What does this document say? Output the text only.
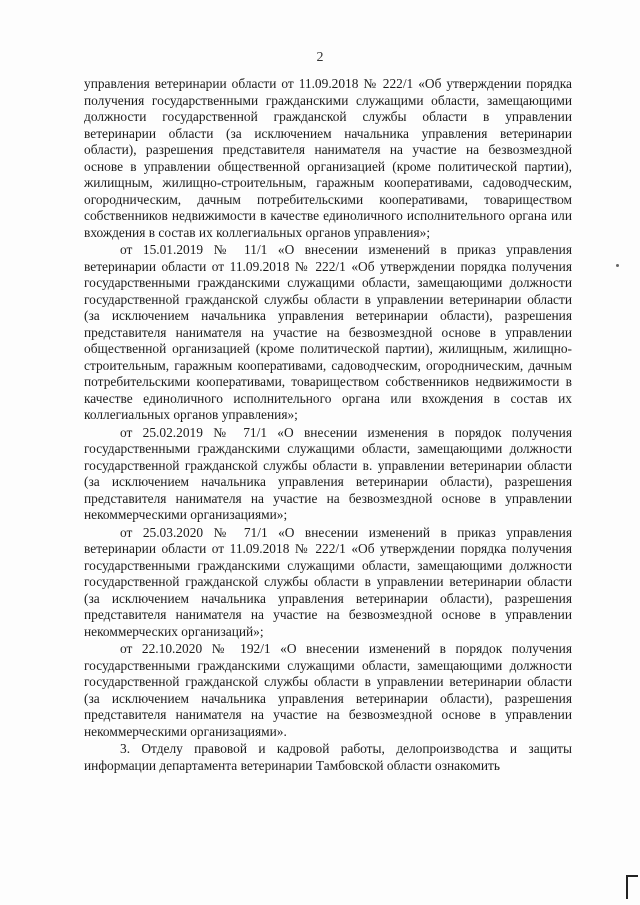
2

управления ветеринарии области от 11.09.2018 № 222/1 «Об утверждении порядка получения государственными гражданскими служащими области, замещающими должности государственной гражданской службы области в управлении ветеринарии области (за исключением начальника управления ветеринарии области), разрешения представителя нанимателя на участие на безвозмездной основе в управлении общественной организацией (кроме политической партии), жилищным, жилищно-строительным, гаражным кооперативами, садоводческим, огородническим, дачным потребительскими кооперативами, товариществом собственников недвижимости в качестве единоличного исполнительного органа или вхождения в состав их коллегиальных органов управления»;

от 15.01.2019 № 11/1 «О внесении изменений в приказ управления ветеринарии области от 11.09.2018 № 222/1 «Об утверждении порядка получения государственными гражданскими служащими области, замещающими должности государственной гражданской службы области в управлении ветеринарии области (за исключением начальника управления ветеринарии области), разрешения представителя нанимателя на участие на безвозмездной основе в управлении общественной организацией (кроме политической партии), жилищным, жилищно-строительным, гаражным кооперативами, садоводческим, огородническим, дачным потребительскими кооперативами, товариществом собственников недвижимости в качестве единоличного исполнительного органа или вхождения в состав их коллегиальных органов управления»;

от 25.02.2019 № 71/1 «О внесении изменения в порядок получения государственными гражданскими служащими области, замещающими должности государственной гражданской службы области в. управлении ветеринарии области (за исключением начальника управления ветеринарии области), разрешения представителя нанимателя на участие на безвозмездной основе в управлении некоммерческими организациями»;

от 25.03.2020 № 71/1 «О внесении изменений в приказ управления ветеринарии области от 11.09.2018 № 222/1 «Об утверждении порядка получения государственными гражданскими служащими области, замещающими должности государственной гражданской службы области в управлении ветеринарии области (за исключением начальника управления ветеринарии области), разрешения представителя нанимателя на участие на безвозмездной основе в управлении некоммерческих организаций»;

от 22.10.2020 № 192/1 «О внесении изменений в порядок получения государственными гражданскими служащими области, замещающими должности государственной гражданской службы области в управлении ветеринарии области (за исключением начальника управления ветеринарии области), разрешения представителя нанимателя на участие на безвозмездной основе в управлении некоммерческими организациями».

3. Отделу правовой и кадровой работы, делопроизводства и защиты информации департамента ветеринарии Тамбовской области ознакомить
